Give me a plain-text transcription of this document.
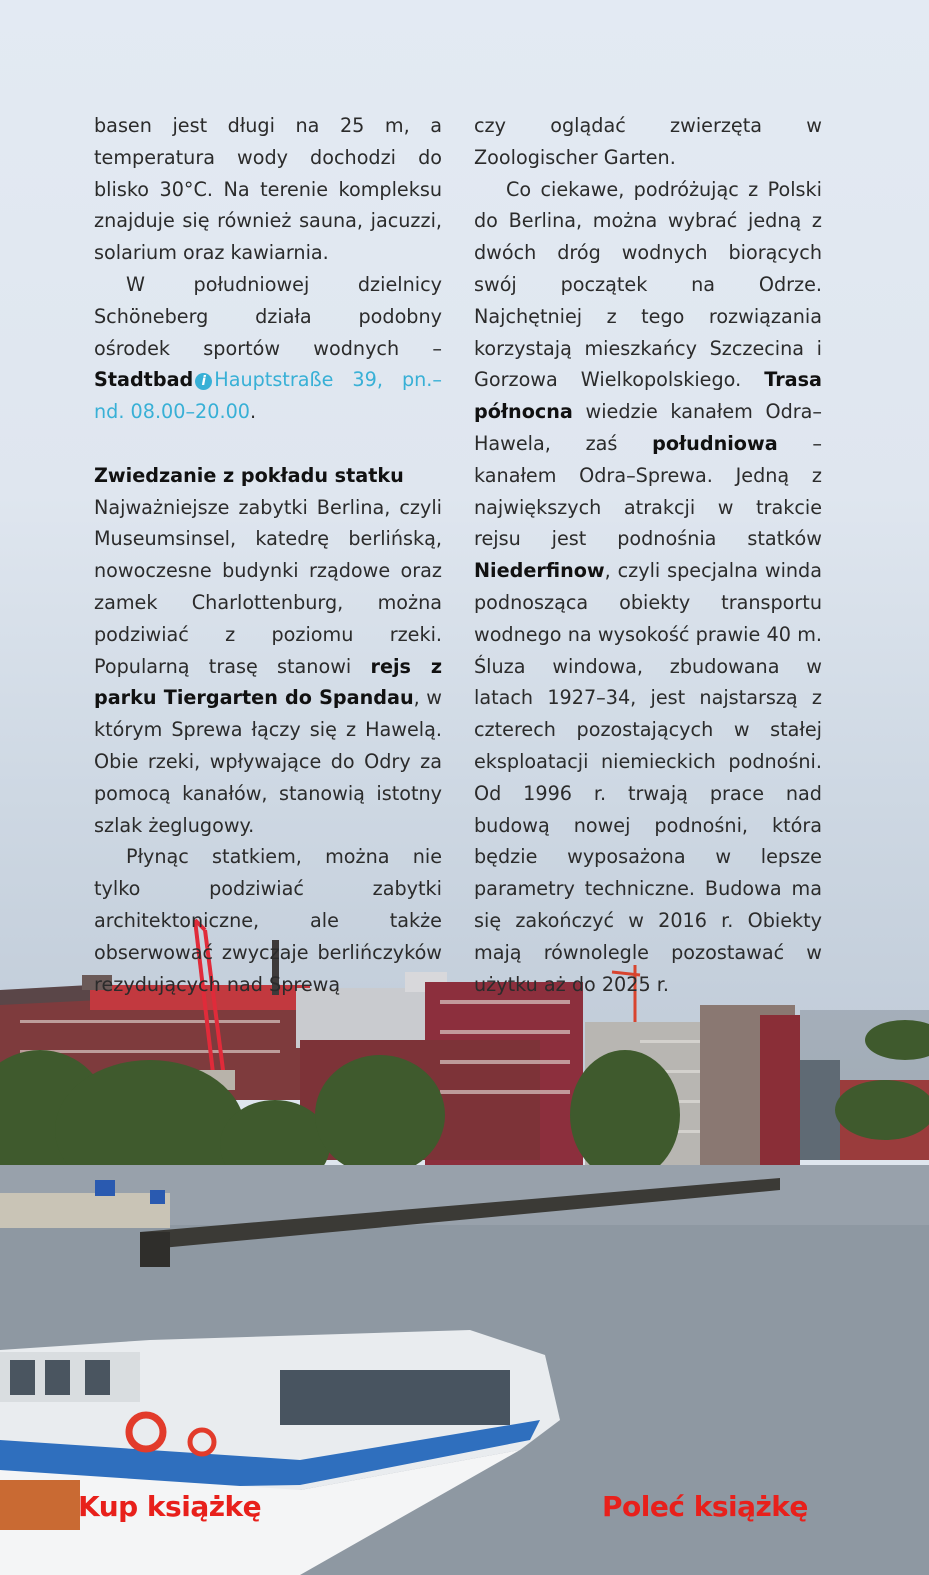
basen jest długi na 25 m, a temperatura wody dochodzi do blisko 30°C. Na terenie kompleksu znajduje się również sauna, jacuzzi, solarium oraz kawiarnia.

W południowej dzielnicy Schöneberg działa podobny ośrodek sportów wodnych – Stadtbad i Hauptstraße 39, pn.–nd. 08.00–20.00.

Zwiedzanie z pokładu statku

Najważniejsze zabytki Berlina, czyli Museumsinsel, katedrę berlińską, nowoczesne budynki rządowe oraz zamek Charlottenburg, można podziwiać z poziomu rzeki. Popularną trasę stanowi rejs z parku Tiergarten do Spandau, w którym Sprewa łączy się z Hawelą. Obie rzeki, wpływające do Odry za pomocą kanałów, stanowią istotny szlak żeglugowy.

Płynąc statkiem, można nie tylko podziwiać zabytki architektoniczne, ale także obserwować zwyczaje berlińczyków rezydujących nad Sprewą

czy oglądać zwierzęta w Zoologischer Garten.

Co ciekawe, podróżując z Polski do Berlina, można wybrać jedną z dwóch dróg wodnych biorących swój początek na Odrze. Najchętniej z tego rozwiązania korzystają mieszkańcy Szczecina i Gorzowa Wielkopolskiego. Trasa północna wiedzie kanałem Odra–Hawela, zaś południowa – kanałem Odra–Sprewa. Jedną z największych atrakcji w trakcie rejsu jest podnośnia statków Niederfinow, czyli specjalna winda podnosząca obiekty transportu wodnego na wysokość prawie 40 m. Śluza windowa, zbudowana w latach 1927–34, jest najstarszą z czterech pozostających w stałej eksploatacji niemieckich podnośni. Od 1996 r. trwają prace nad budową nowej podnośni, która będzie wyposażona w lepsze parametry techniczne. Budowa ma się zakończyć w 2016 r. Obiekty mają równolegle pozostawać w użytku aż do 2025 r.

Kup książkę	Poleć książkę
